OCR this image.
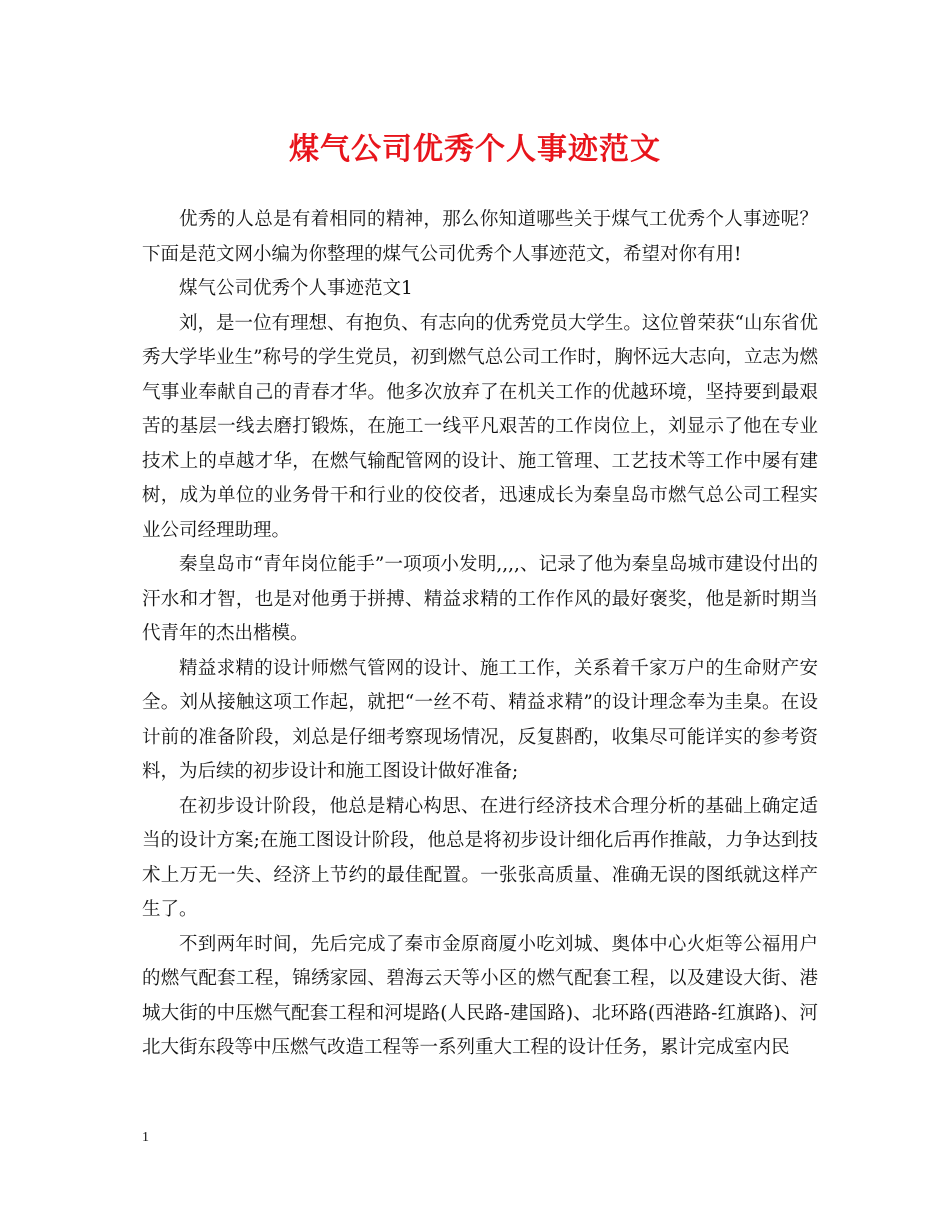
煤气公司优秀个人事迹范文

优秀的人总是有着相同的精神，那么你知道哪些关于煤气工优秀个人事迹呢？下面是范文网小编为你整理的煤气公司优秀个人事迹范文，希望对你有用!

煤气公司优秀个人事迹范文1

刘，是一位有理想、有抱负、有志向的优秀党员大学生。这位曾荣获“山东省优秀大学毕业生”称号的学生党员，初到燃气总公司工作时，胸怀远大志向，立志为燃气事业奉献自己的青春才华。他多次放弃了在机关工作的优越环境，坚持要到最艰苦的基层一线去磨打锻炼，在施工一线平凡艰苦的工作岗位上，刘显示了他在专业技术上的卓越才华，在燃气输配管网的设计、施工管理、工艺技术等工作中屡有建树，成为单位的业务骨干和行业的佼佼者，迅速成长为秦皇岛市燃气总公司工程实业公司经理助理。

秦皇岛市“青年岗位能手”一项项小发明,,,,、记录了他为秦皇岛城市建设付出的汗水和才智，也是对他勇于拼搏、精益求精的工作作风的最好褒奖，他是新时期当代青年的杰出楷模。

精益求精的设计师燃气管网的设计、施工工作，关系着千家万户的生命财产安全。刘从接触这项工作起，就把“一丝不苟、精益求精”的设计理念奉为圭臬。在设计前的准备阶段，刘总是仔细考察现场情况，反复斟酌，收集尽可能详实的参考资料，为后续的初步设计和施工图设计做好准备;

在初步设计阶段，他总是精心构思、在进行经济技术合理分析的基础上确定适当的设计方案;在施工图设计阶段，他总是将初步设计细化后再作推敲，力争达到技术上万无一失、经济上节约的最佳配置。一张张高质量、准确无误的图纸就这样产生了。

不到两年时间，先后完成了秦市金原商厦小吃刘城、奥体中心火炬等公福用户的燃气配套工程，锦绣家园、碧海云天等小区的燃气配套工程，以及建设大街、港城大街的中压燃气配套工程和河堤路(人民路-建国路)、北环路(西港路-红旗路)、河北大街东段等中压燃气改造工程等一系列重大工程的设计任务，累计完成室内民

1
